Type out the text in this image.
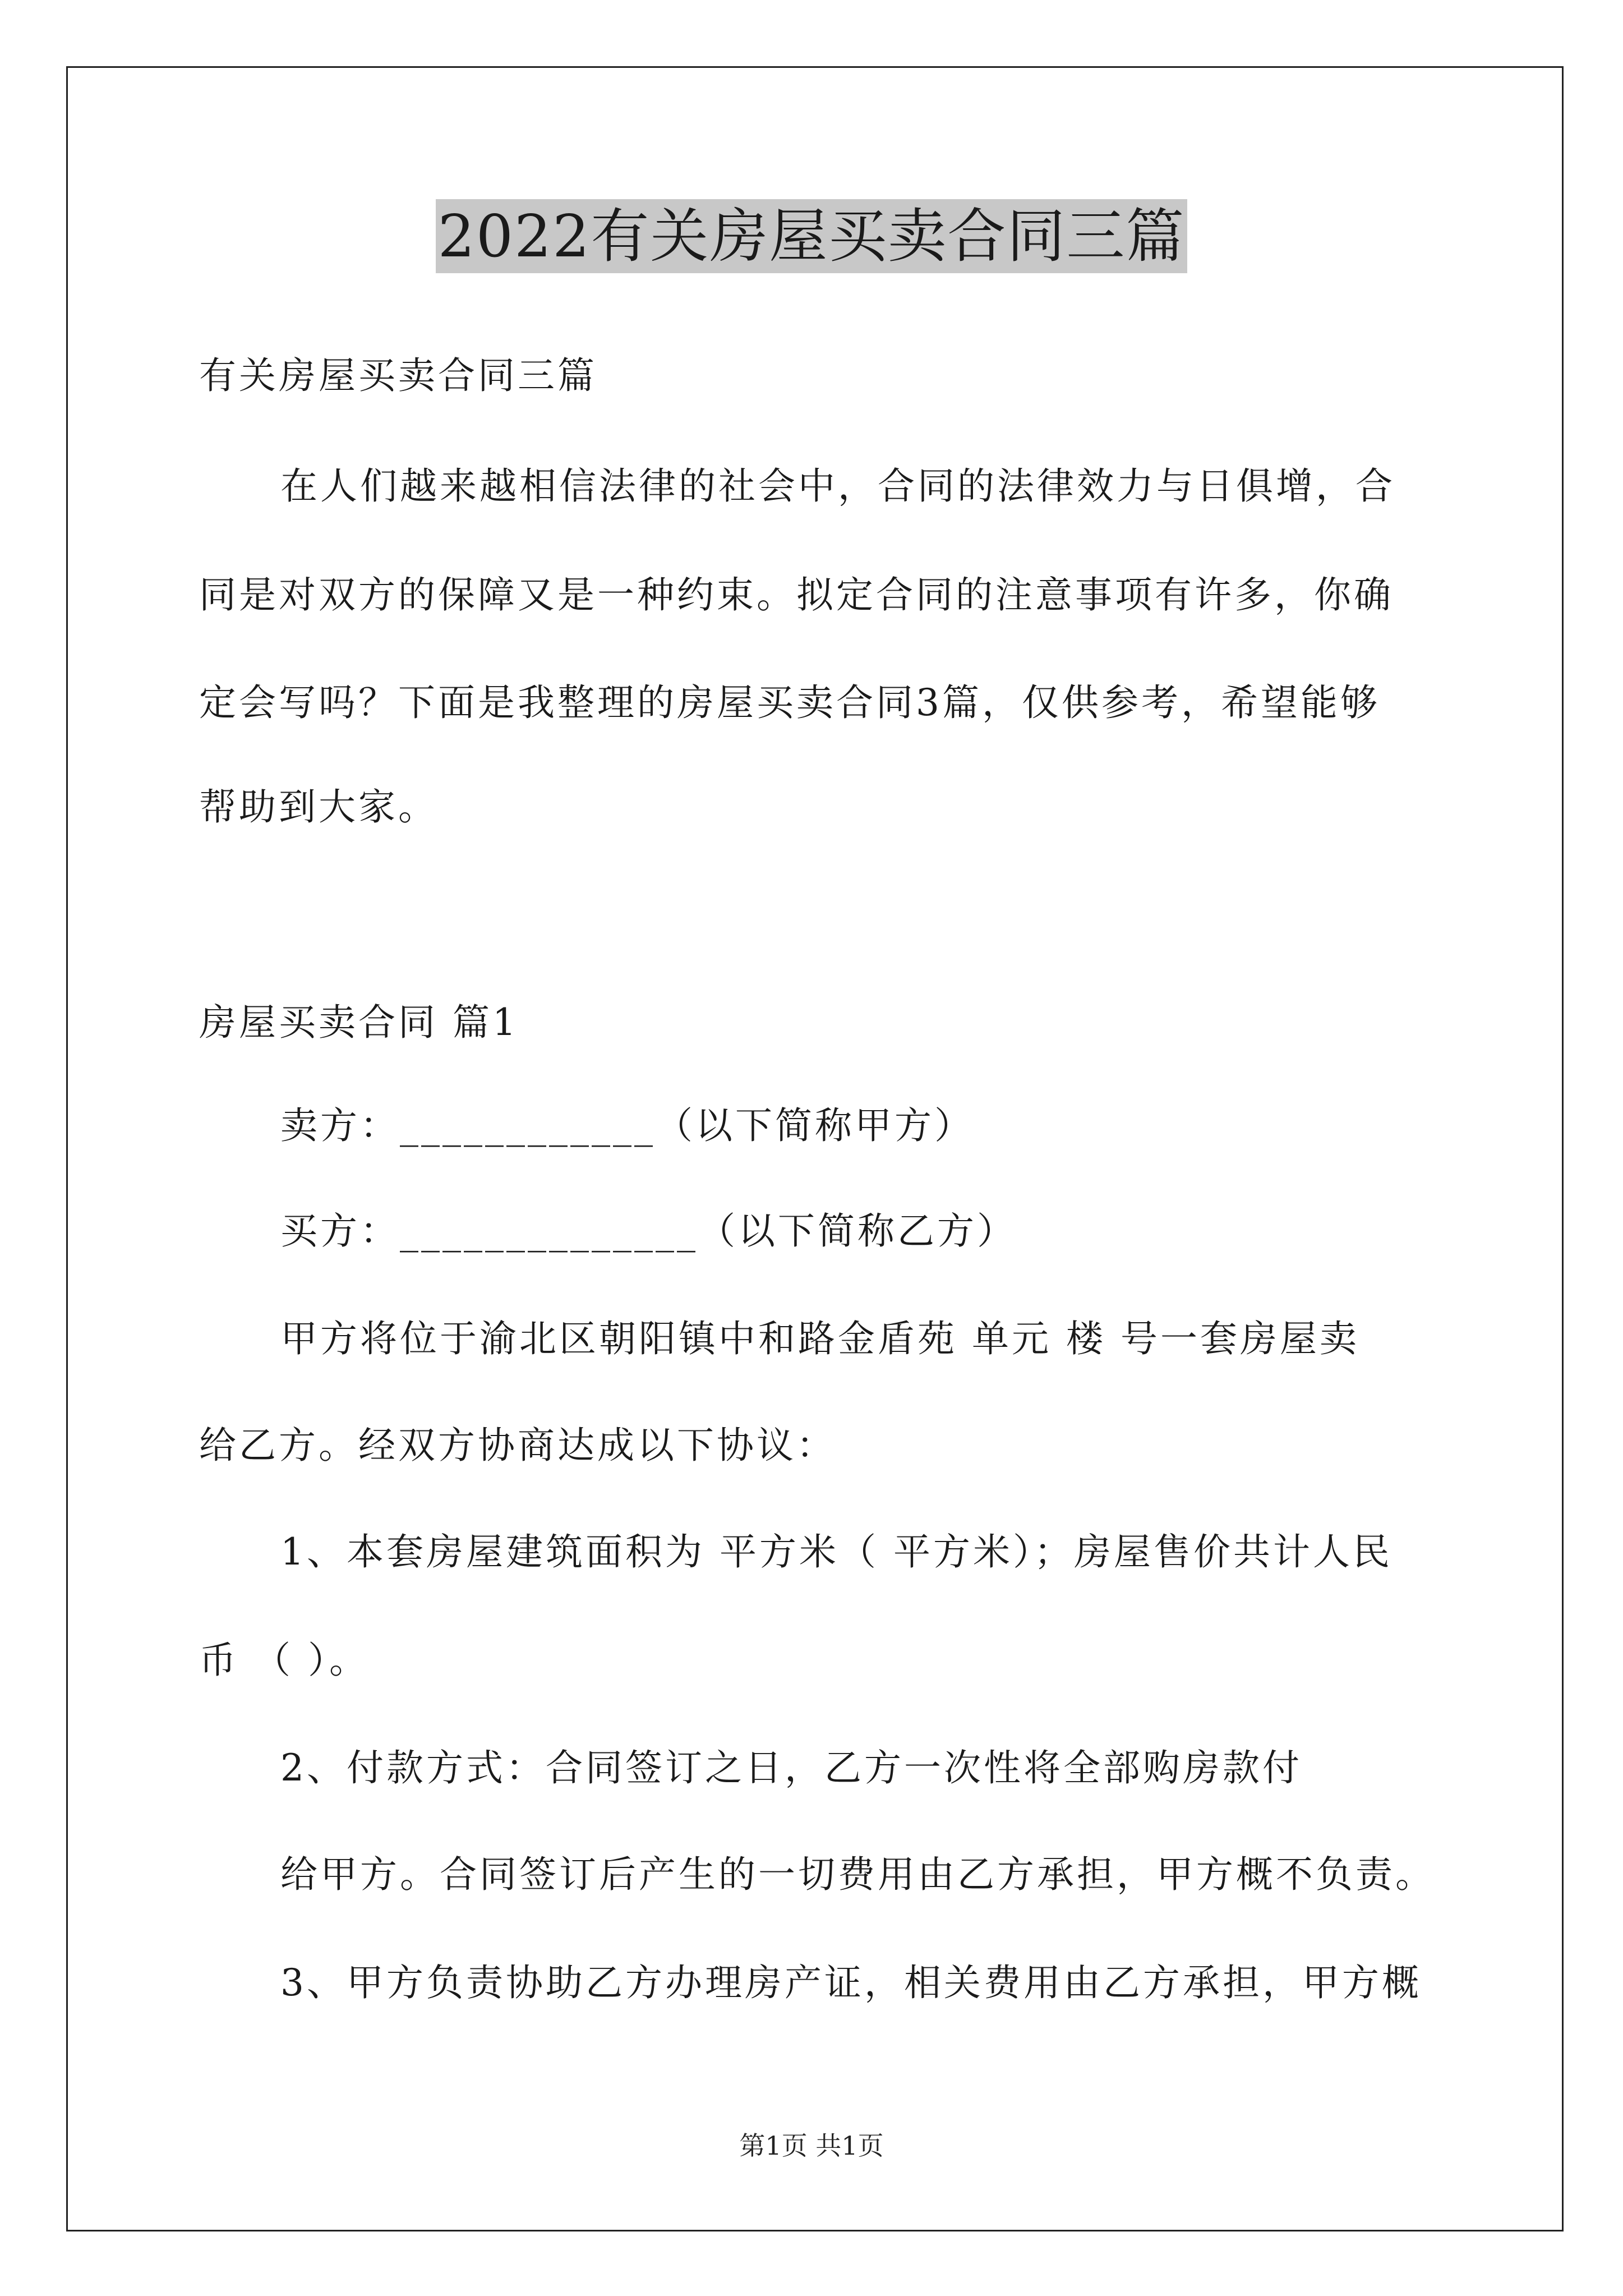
2022有关房屋买卖合同三篇
有关房屋买卖合同三篇
在人们越来越相信法律的社会中，合同的法律效力与日俱增，合
同是对双方的保障又是一种约束。拟定合同的注意事项有许多，你确
定会写吗？下面是我整理的房屋买卖合同3篇，仅供参考，希望能够
帮助到大家。
房屋买卖合同 篇1
卖方：____________（以下简称甲方）
买方：______________（以下简称乙方）
甲方将位于渝北区朝阳镇中和路金盾苑 单元 楼 号一套房屋卖
给乙方。经双方协商达成以下协议：
1、本套房屋建筑面积为 平方米（ 平方米）；房屋售价共计人民
币 （ ）。
2、付款方式：合同签订之日，乙方一次性将全部购房款付
给甲方。合同签订后产生的一切费用由乙方承担，甲方概不负责。
3、甲方负责协助乙方办理房产证，相关费用由乙方承担，甲方概
第1页 共1页
